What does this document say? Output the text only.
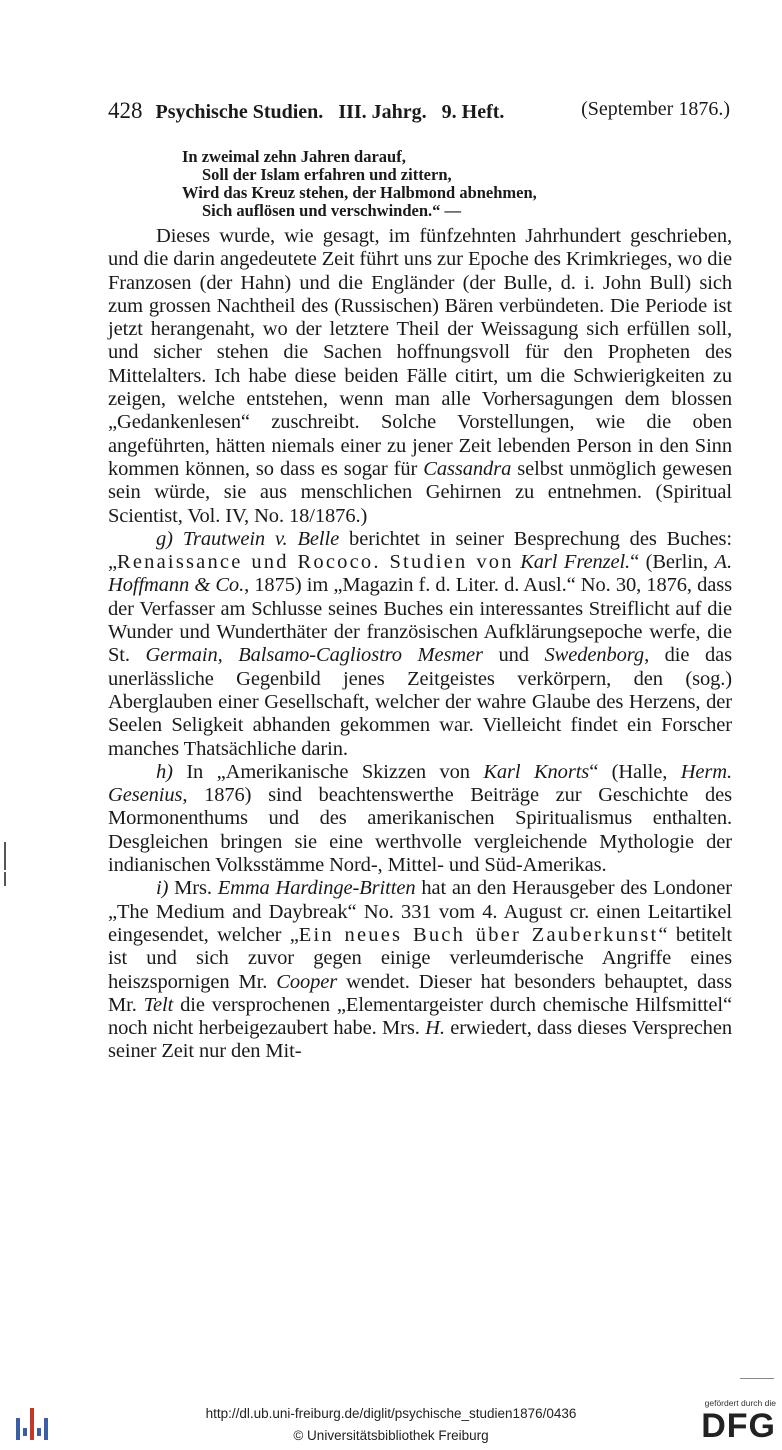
428 Psychische Studien. III. Jahrg.   9. Heft.	(September 1876.)
In zweimal zehn Jahren darauf,
Soll der Islam erfahren und zittern,
Wird das Kreuz stehen, der Halbmond abnehmen,
Sich auflösen und verschwinden.“ —

Dieses wurde, wie gesagt, im fünfzehnten Jahrhundert geschrieben, und die darin angedeutete Zeit führt uns zur Epoche des Krimkrieges, wo die Franzosen (der Hahn) und die Engländer (der Bulle, d. i. John Bull) sich zum grossen Nachtheil des (Russischen) Bären verbündeten. Die Periode ist jetzt herangenaht, wo der letztere Theil der Weissagung sich erfüllen soll, und sicher stehen die Sachen hoffnungsvoll für den Propheten des Mittelalters. Ich habe diese beiden Fälle citirt, um die Schwierigkeiten zu zeigen, welche entstehen, wenn man alle Vorhersagungen dem blossen „Gedankenlesen“ zuschreibt. Solche Vorstellungen, wie die oben angeführten, hätten niemals einer zu jener Zeit lebenden Person in den Sinn kommen können, so dass es sogar für Cassandra selbst unmöglich gewesen sein würde, sie aus menschlichen Gehirnen zu entnehmen. (Spiritual Scientist, Vol. IV, No. 18/1876.)

g) Trautwein v. Belle berichtet in seiner Besprechung des Buches: „Renaissance und Rococo. Studien von Karl Frenzel.“ (Berlin, A. Hoffmann & Co., 1875) im „Magazin f. d. Liter. d. Ausl.“ No. 30, 1876, dass der Verfasser am Schlusse seines Buches ein interessantes Streiflicht auf die Wunder und Wunderthäter der französischen Aufklärungsepoche werfe, die St. Germain, Balsamo-Cagliostro Mesmer und Swedenborg, die das unerlässliche Gegenbild jenes Zeitgeistes verkörpern, den (sog.) Aberglauben einer Gesellschaft, welcher der wahre Glaube des Herzens, der Seelen Seligkeit abhanden gekommen war. Vielleicht findet ein Forscher manches Thatsächliche darin.

h) In „Amerikanische Skizzen von Karl Knorts“ (Halle, Herm. Gesenius, 1876) sind beachtenswerthe Beiträge zur Geschichte des Mormonenthums und des amerikanischen Spiritualismus enthalten. Desgleichen bringen sie eine werthvolle vergleichende Mythologie der indianischen Volksstämme Nord-, Mittel- und Süd-Amerikas.

i) Mrs. Emma Hardinge-Britten hat an den Herausgeber des Londoner „The Medium and Daybreak“ No. 331 vom 4. August cr. einen Leitartikel eingesendet, welcher „Ein neues Buch über Zauberkunst“ betitelt ist und sich zuvor gegen einige verleumderische Angriffe eines heiszspornigen Mr. Cooper wendet. Dieser hat besonders behauptet, dass Mr. Telt die versprochenen „Elementargeister durch chemische Hilfsmittel“ noch nicht herbeigezaubert habe. Mrs. H. erwiedert, dass dieses Versprechen seiner Zeit nur den Mit-

http://dl.ub.uni-freiburg.de/diglit/psychische_studien1876/0436
© Universitätsbibliothek Freiburg
gefördert durch die
DFG
